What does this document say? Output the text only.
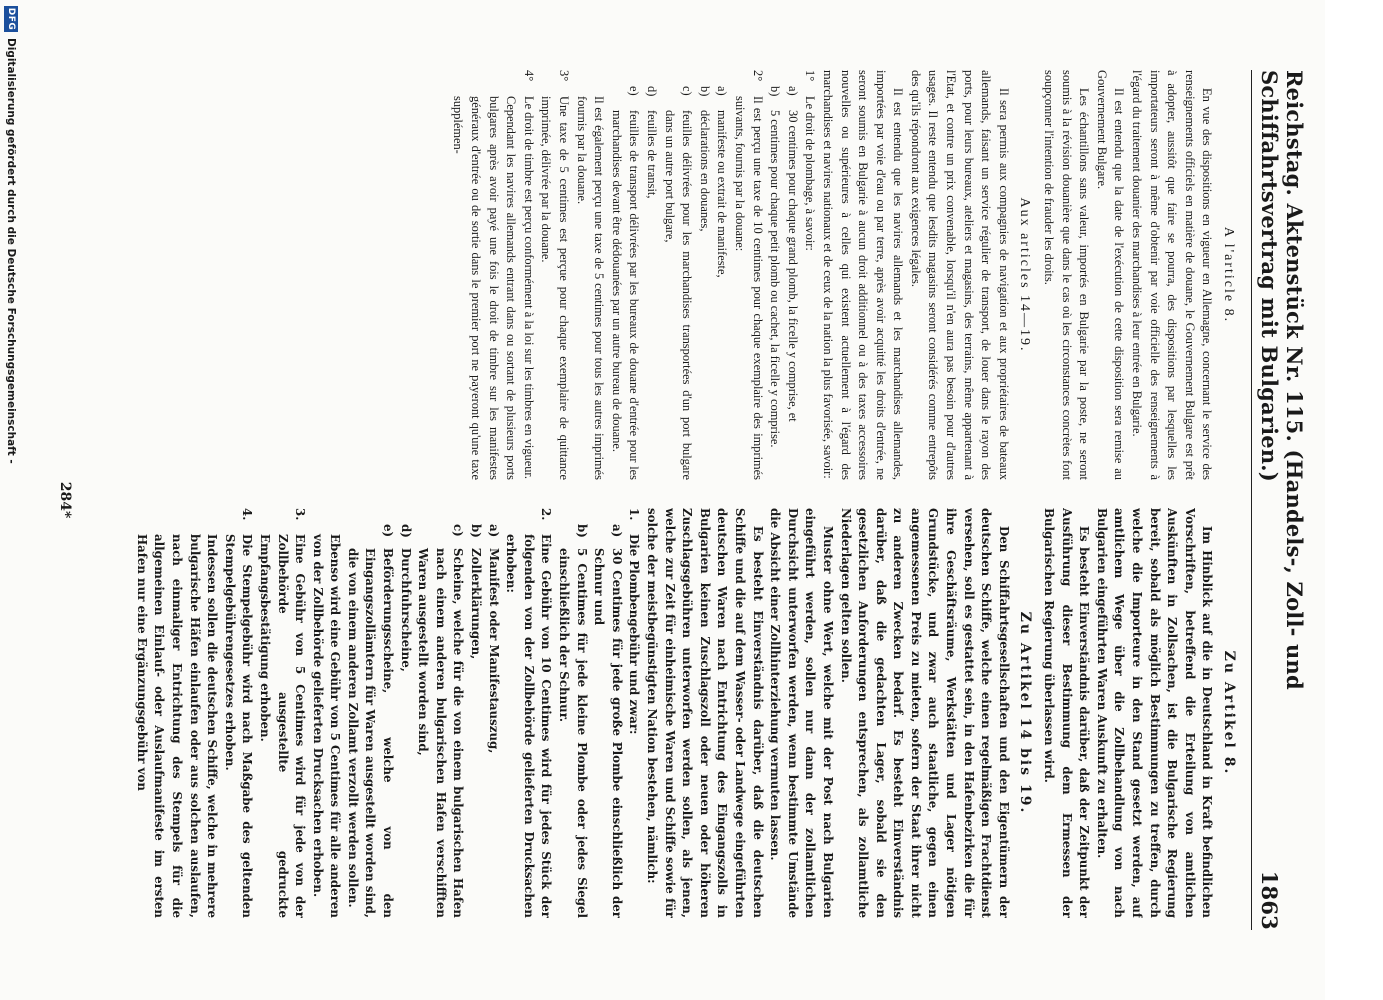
Reichstag. Aktenstück Nr. 115. (Handels-, Zoll- und Schiffahrtsvertrag mit Bulgarien.)
1863

A l'article 8.

En vue des dispositions en vigueur en Allemagne, concernant le service des renseignements officiels en matière de douane, le Gouvernement Bulgare est prêt à adopter, aussitôt que faire se pourra, des dispositions par lesquelles les importateurs seront à même d'obtenir par voie officielle des renseignements à l'égard du traitement douanier des marchandises à leur entrée en Bulgarie.

Il est entendu que la date de l'exécution de cette disposition sera remise au Gouvernement Bulgare.

Les échantillons sans valeur, importés en Bulgarie par la poste, ne seront soumis à la révision douanière que dans le cas où les circonstances concrètes font soupçonner l'intention de frauder les droits.

Aux articles 14—19.

Il sera permis aux compagnies de navigation et aux propriétaires de bateaux allemands, faisant un service régulier de transport, de louer dans le rayon des ports, pour leurs bureaux, ateliers et magasins, des terrains, même appartenant à l'Etat, et contre un prix convenable, lorsqu'il n'en aura pas besoin pour d'autres usages. Il reste entendu que lesdits magasins seront considérés comme entrepôts des qu'ils répondront aux exigences légales.

Il est entendu que les navires allemands et les marchandises allemandes, importées par voie d'eau ou par terre, après avoir acquitté les droits d'entrée, ne seront soumis en Bulgarie à aucun droit additionnel ou à des taxes accessoires nouvelles ou supérieures à celles qui existent actuellement à l'égard des marchandises et navires nationaux et de ceux de la nation la plus favorisée, savoir:

1°
Le droit de plombage, à savoir:

a)
30 centimes pour chaque grand plomb, la ficelle y comprise, et

b)
5 centimes pour chaque petit plomb ou cachet, la ficelle y comprise.

2°
Il est perçu une taxe de 10 centimes pour chaque exemplaire des imprimés suivants, fournis par la douane:

a)
manifeste ou extrait de manifeste,

b)
déclarations en douanes,

c)
feuilles délivrées pour les marchandises transportées d'un port bulgare dans un autre port bulgare,

d)
feuilles de transit,

e)
feuilles de transport délivrées par les bureaux de douane d'entrée pour les marchandises devant être dédouanées par un autre bureau de douane.

Il est également perçu une taxe de 5 centimes pour tous les autres imprimés fournis par la douane.

3°
Une taxe de 5 centimes est perçue pour chaque exemplaire de quittance imprimée, délivrée par la douane.

4°
Le droit de timbre est perçu conformément à la loi sur les timbres en vigueur.

Cependant les navires allemands entrant dans ou sortant de plusieurs ports bulgares après avoir payé une fois le droit de timbre sur les manifestes généraux d'entrée ou de sortie dans le premier port ne payeront qu'une taxe supplémen-

Zu Artikel 8.

Im Hinblick auf die in Deutschland in Kraft befindlichen Vorschriften, betreffend die Erteilung von amtlichen Auskünften in Zollsachen, ist die Bulgarische Regierung bereit, sobald als möglich Bestimmungen zu treffen, durch welche die Importeure in den Stand gesetzt werden, auf amtlichem Wege über die Zollbehandlung von nach Bulgarien eingeführten Waren Auskunft zu erhalten.

Es besteht Einverständnis darüber, daß der Zeitpunkt der Ausführung dieser Bestimmung dem Ermessen der Bulgarischen Regierung überlassen wird.

Zu Artikel 14 bis 19.

Den Schiffahrtsgesellschaften und den Eigentümern der deutschen Schiffe, welche einen regelmäßigen Frachtdienst versehen, soll es gestattet sein, in den Hafenbezirken die für ihre Geschäftsräume, Werkstätten und Lager nötigen Grundstücke, und zwar auch staatliche, gegen einen angemessenen Preis zu mieten, sofern der Staat ihrer nicht zu anderen Zwecken bedarf. Es besteht Einverständnis darüber, daß die gedachten Lager, sobald sie den gesetzlichen Anforderungen entsprechen, als zollamtliche Niederlagen gelten sollen.

Muster ohne Wert, welche mit der Post nach Bulgarien eingeführt werden, sollen nur dann der zollamtlichen Durchsicht unterworfen werden, wenn bestimmte Umstände die Absicht einer Zollhinterziehung vermuten lassen.

Es besteht Einverständnis darüber, daß die deutschen Schiffe und die auf dem Wasser- oder Landwege eingeführten deutschen Waren nach Entrichtung des Eingangszolls in Bulgarien keinen Zuschlagszoll oder neuen oder höheren Zuschlagsgebühren unterworfen werden sollen, als jenen, welche zur Zeit für einheimische Waren und Schiffe sowie für solche der meistbegünstigten Nation bestehen, nämlich:

1.
Die Plombengebühr und zwar:

a)
30 Centimes für jede große Plombe einschließlich der Schnur und

b)
5 Centimes für jede kleine Plombe oder jedes Siegel einschließlich der Schnur.

2.
Eine Gebühr von 10 Centimes wird für jedes Stück der folgenden von der Zollbehörde gelieferten Drucksachen erhoben:

a)
Manifest oder Manifestauszug,

b)
Zollerklärungen,

c)
Scheine, welche für die von einem bulgarischen Hafen nach einem anderen bulgarischen Hafen verschifften Waren ausgestellt worden sind,

d)
Durchfuhrscheine,

e)
Beförderungsscheine, welche von den Eingangszollämtern für Waren ausgestellt worden sind, die von einem anderen Zollamt verzollt werden sollen.

Ebenso wird eine Gebühr von 5 Centimes für alle anderen von der Zollbehörde gelieferten Drucksachen erhoben.

3.
Eine Gebühr von 5 Centimes wird für jede von der Zollbehörde ausgestellte gedruckte Empfangsbestätigung erhoben.

4.
Die Stempelgebühr wird nach Maßgabe des geltenden Stempelgebührengesetzes erhoben.

Indessen sollen die deutschen Schiffe, welche in mehrere bulgarische Häfen einlaufen oder aus solchen auslaufen, nach einmaliger Entrichtung des Stempels für die allgemeinen Einlauf- oder Auslaufmanifeste im ersten Hafen nur eine Ergänzungsgebühr von

284*
DFG
Digitalisierung gefördert durch die Deutsche Forschungsgemeinschaft -
